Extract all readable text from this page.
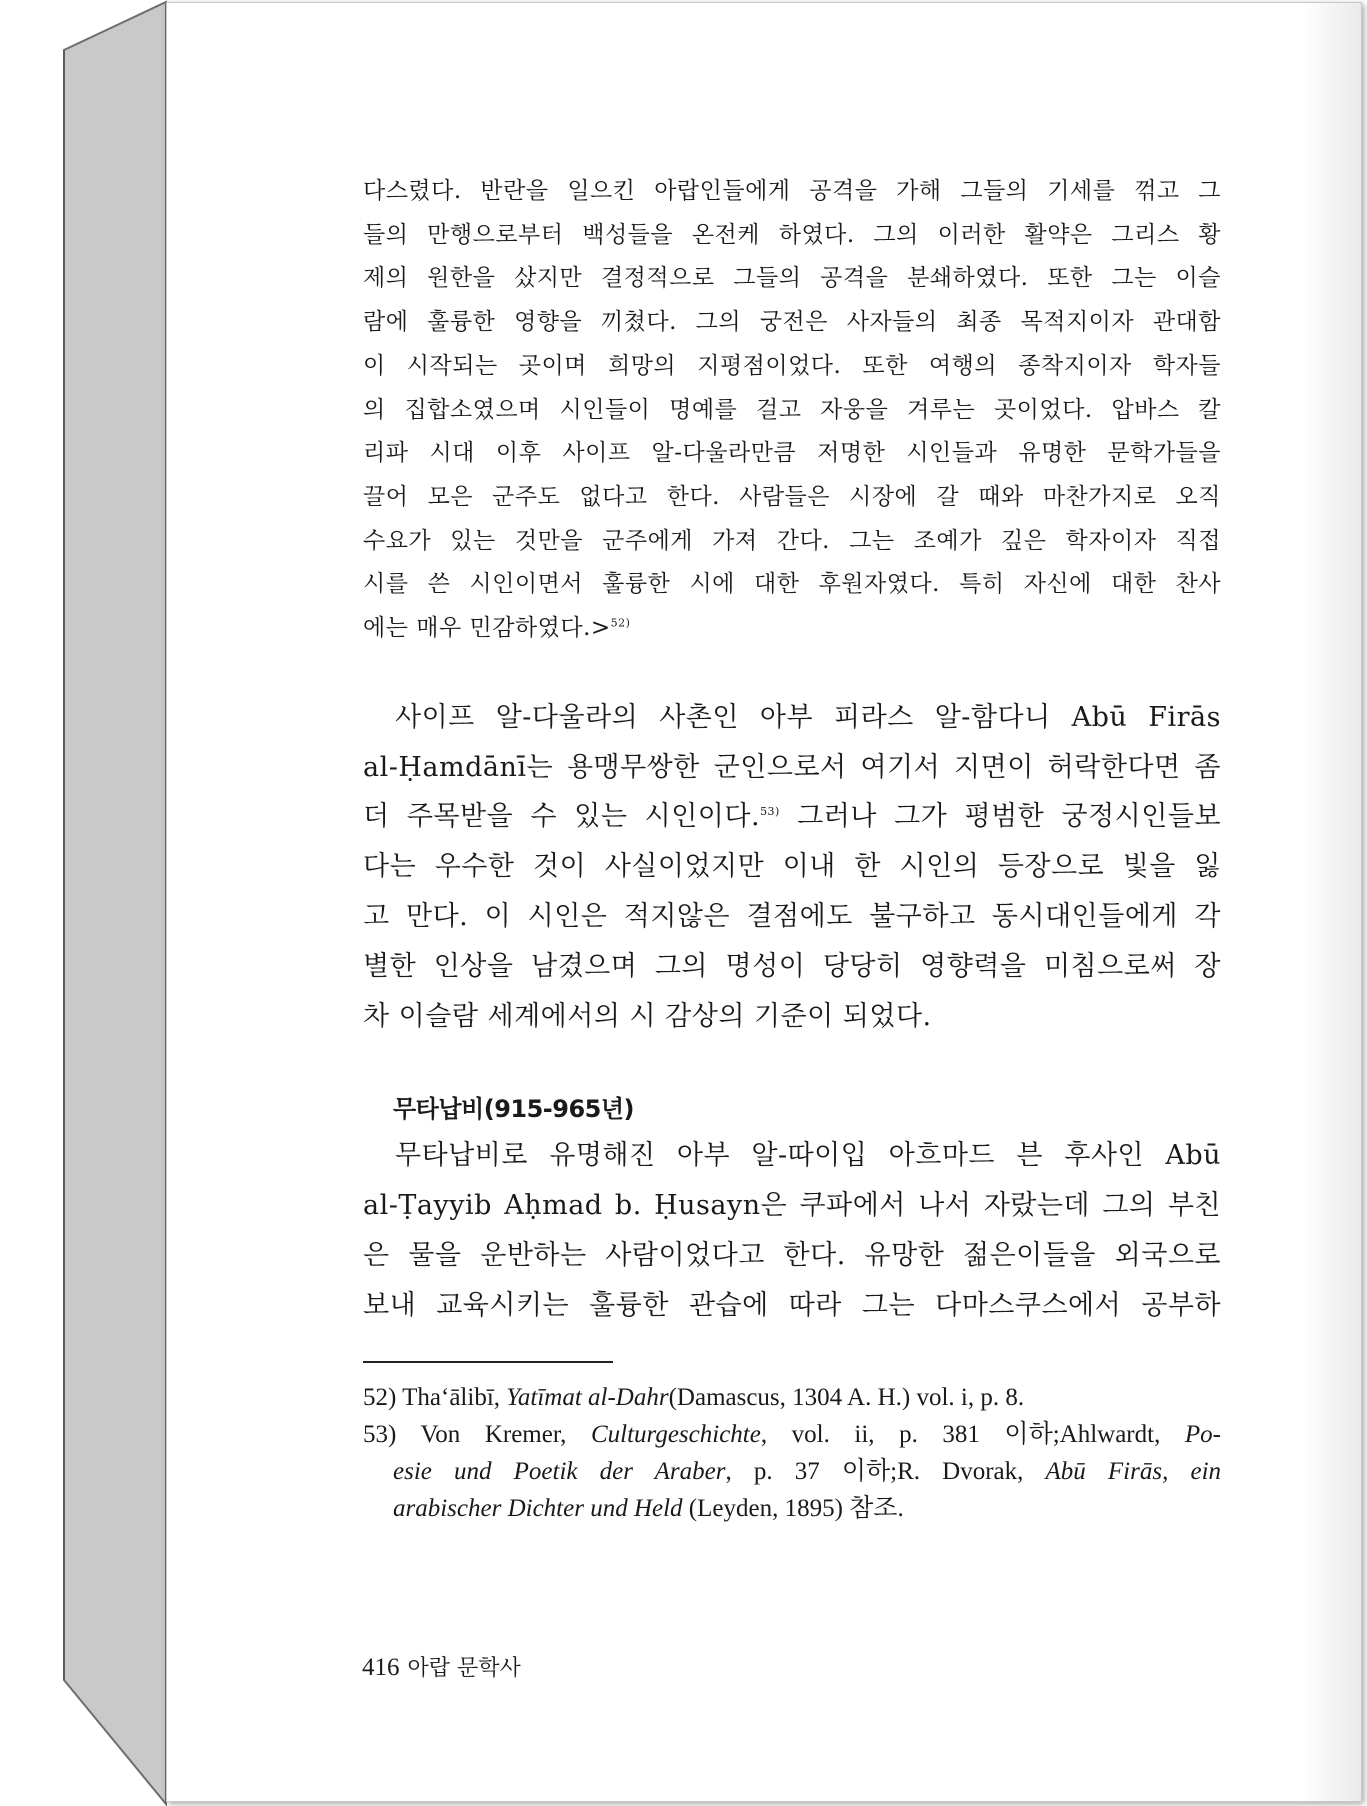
다스렸다. 반란을 일으킨 아랍인들에게 공격을 가해 그들의 기세를 꺾고 그
들의 만행으로부터 백성들을 온전케 하였다. 그의 이러한 활약은 그리스 황
제의 원한을 샀지만 결정적으로 그들의 공격을 분쇄하였다. 또한 그는 이슬
람에 훌륭한 영향을 끼쳤다. 그의 궁전은 사자들의 최종 목적지이자 관대함
이 시작되는 곳이며 희망의 지평점이었다. 또한 여행의 종착지이자 학자들
의 집합소였으며 시인들이 명예를 걸고 자웅을 겨루는 곳이었다. 압바스 칼
리파 시대 이후 사이프 알-다울라만큼 저명한 시인들과 유명한 문학가들을
끌어 모은 군주도 없다고 한다. 사람들은 시장에 갈 때와 마찬가지로 오직
수요가 있는 것만을 군주에게 가져 간다. 그는 조예가 깊은 학자이자 직접
시를 쓴 시인이면서 훌륭한 시에 대한 후원자였다. 특히 자신에 대한 찬사
에는 매우 민감하였다.>$^{52)}$

사이프 알-다울라의 사촌인 아부 피라스 알-함다니 Abū Firās
al-Ḥamdānī는 용맹무쌍한 군인으로서 여기서 지면이 허락한다면 좀
더 주목받을 수 있는 시인이다.$^{53)}$ 그러나 그가 평범한 궁정시인들보
다는 우수한 것이 사실이었지만 이내 한 시인의 등장으로 빛을 잃
고 만다. 이 시인은 적지않은 결점에도 불구하고 동시대인들에게 각
별한 인상을 남겼으며 그의 명성이 당당히 영향력을 미침으로써 장
차 이슬람 세계에서의 시 감상의 기준이 되었다.

무타납비(915-965년)

무타납비로 유명해진 아부 알-따이입 아흐마드 븐 후사인 Abū
al-Ṭayyib Aḥmad b. Ḥusayn은 쿠파에서 나서 자랐는데 그의 부친
은 물을 운반하는 사람이었다고 한다. 유망한 젊은이들을 외국으로
보내 교육시키는 훌륭한 관습에 따라 그는 다마스쿠스에서 공부하

52) Tha‘ālibī, Yatīmat al-Dahr(Damascus, 1304 A. H.) vol. i, p. 8.

53) Von Kremer, Culturgeschichte, vol. ii, p. 381 이하;Ahlwardt, Po-
esie und Poetik der Araber, p. 37 이하;R. Dvorak, Abū Firās, ein
arabischer Dichter und Held (Leyden, 1895) 참조.

416 아랍 문학사
